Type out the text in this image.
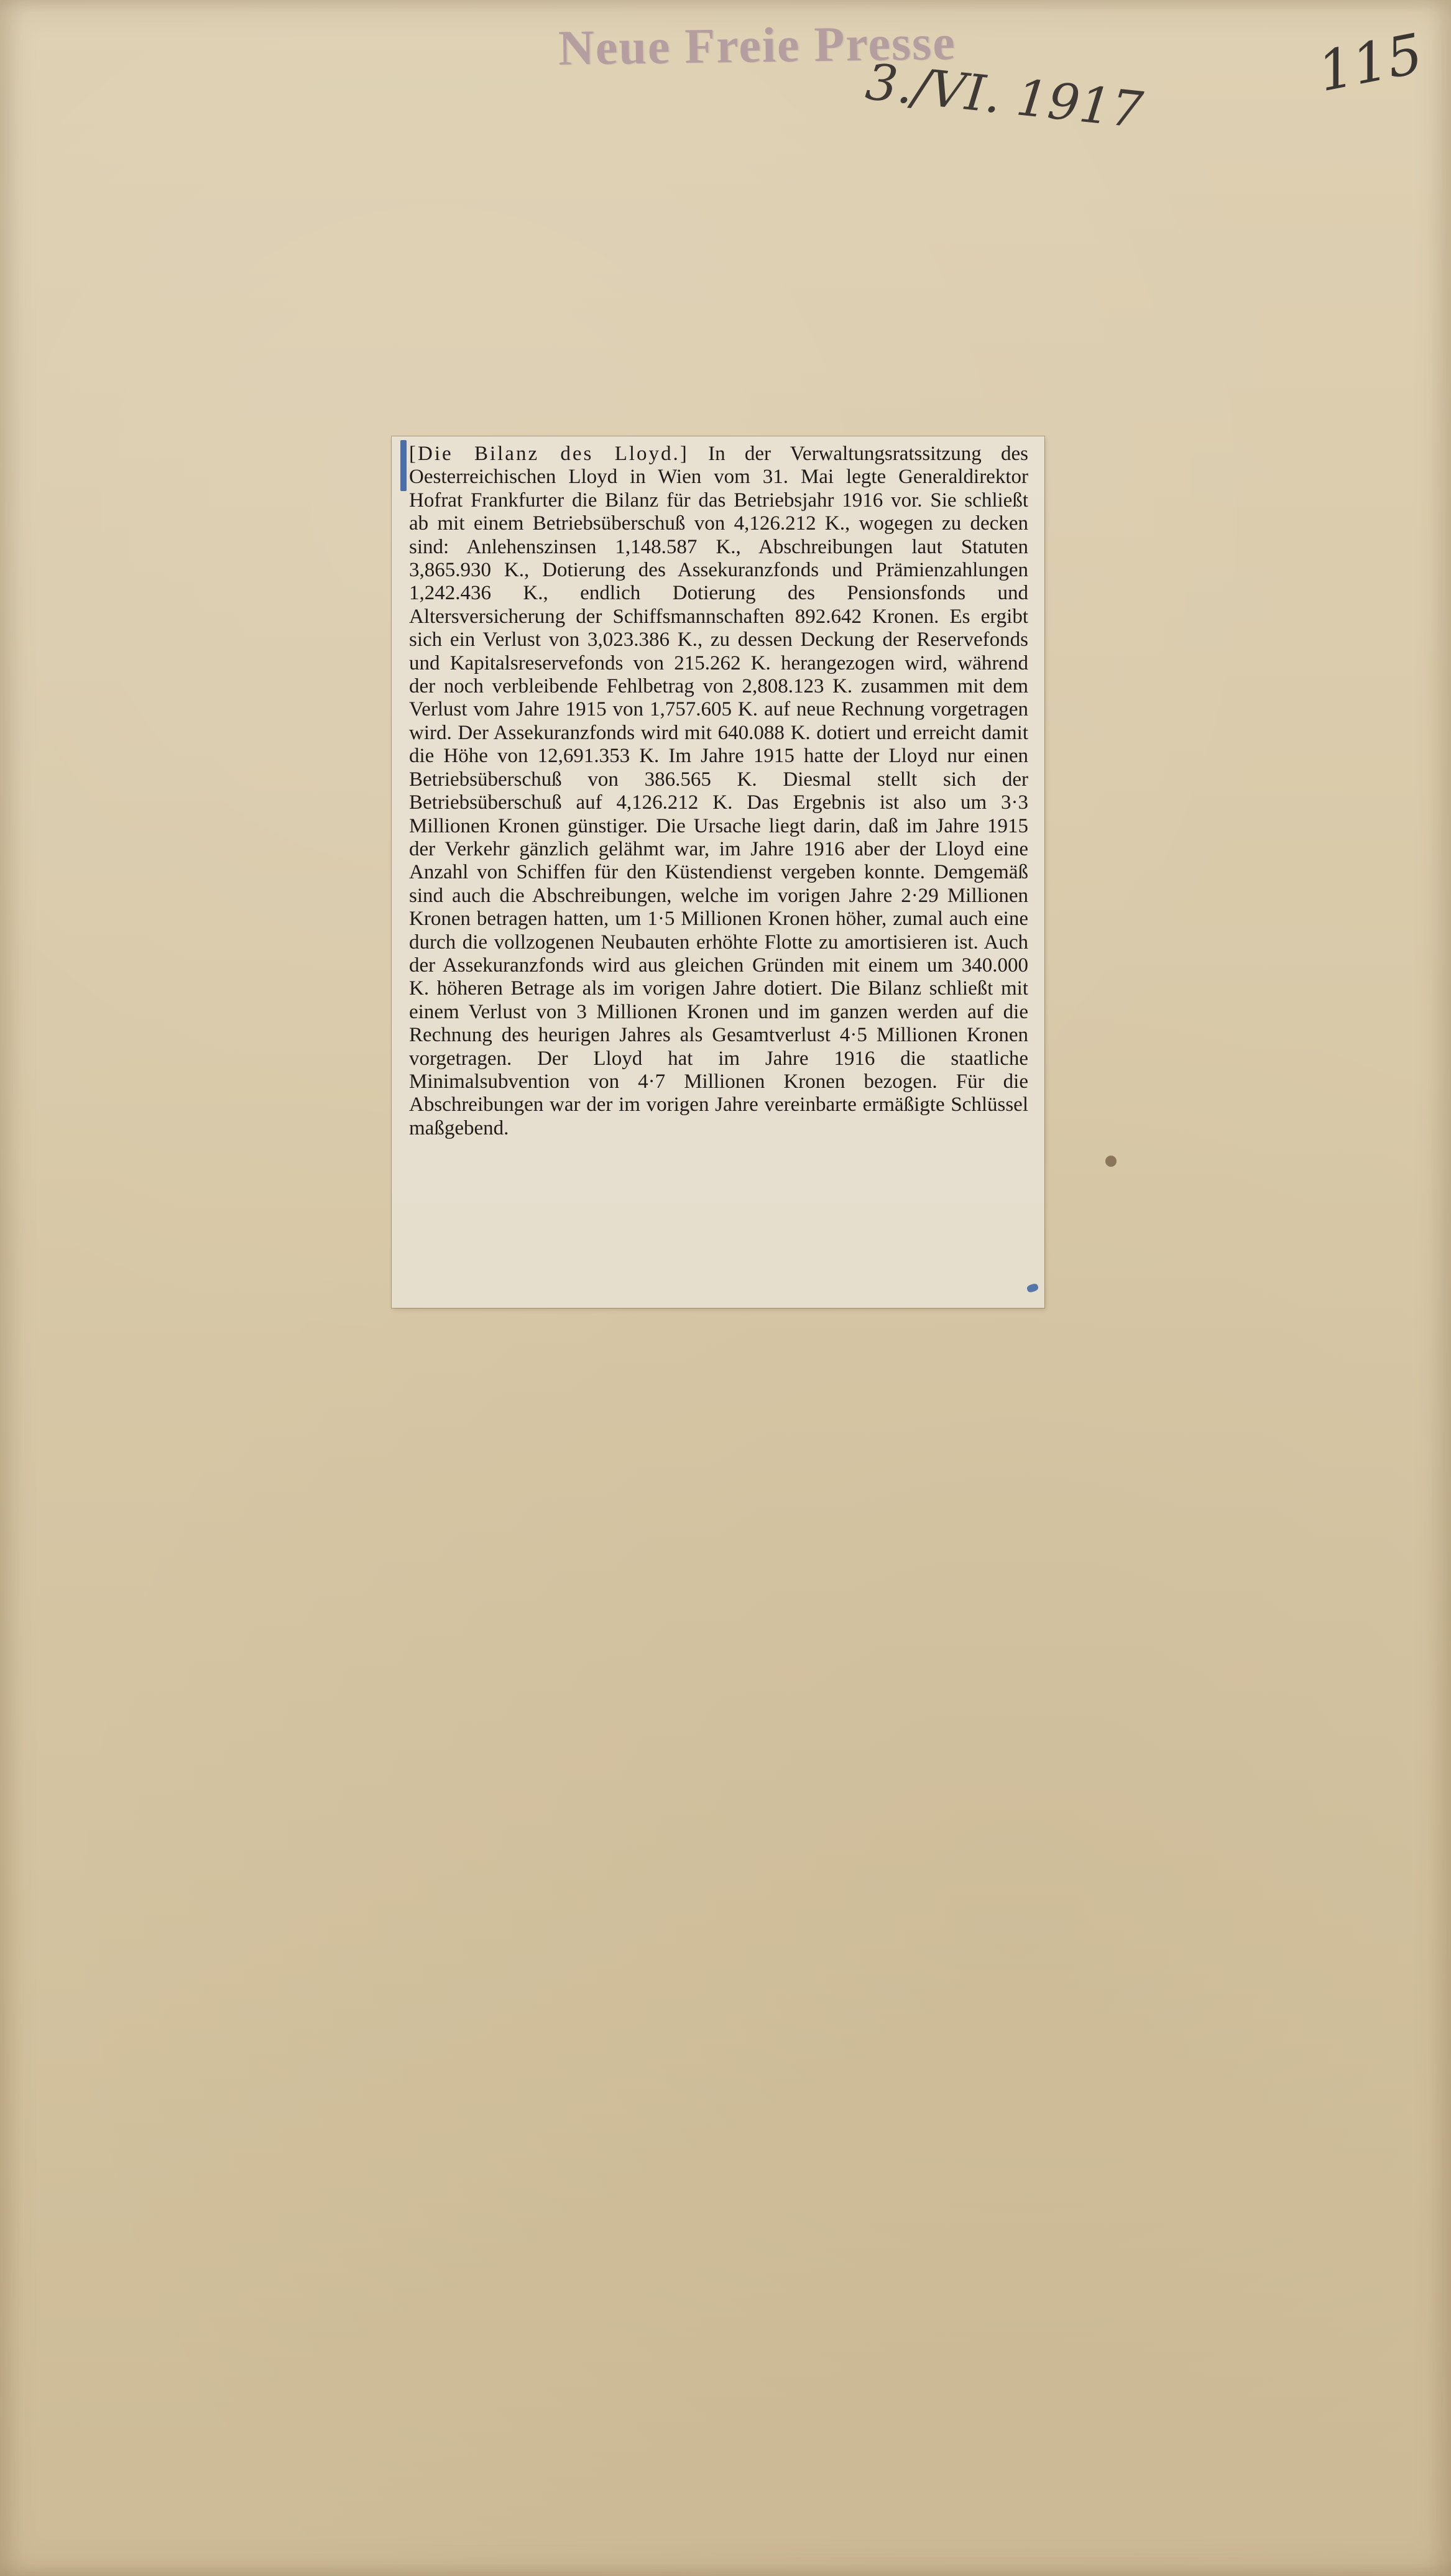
Neue Freie Presse
3./VI. 1917	115

[Die Bilanz des Lloyd.] In der Verwaltungsratssitzung des Oesterreichischen Lloyd in Wien vom 31. Mai legte Generaldirektor Hofrat Frankfurter die Bilanz für das Betriebsjahr 1916 vor. Sie schließt ab mit einem Betriebsüberschuß von 4,126.212 K., wogegen zu decken sind: Anlehenszinsen 1,148.587 K., Abschreibungen laut Statuten 3,865.930 K., Dotierung des Assekuranzfonds und Prämienzahlungen 1,242.436 K., endlich Dotierung des Pensionsfonds und Altersversicherung der Schiffsmannschaften 892.642 Kronen. Es ergibt sich ein Verlust von 3,023.386 K., zu dessen Deckung der Reservefonds und Kapitalsreservefonds von 215.262 K. herangezogen wird, während der noch verbleibende Fehlbetrag von 2,808.123 K. zusammen mit dem Verlust vom Jahre 1915 von 1,757.605 K. auf neue Rechnung vorgetragen wird. Der Assekuranzfonds wird mit 640.088 K. dotiert und erreicht damit die Höhe von 12,691.353 K. Im Jahre 1915 hatte der Lloyd nur einen Betriebsüberschuß von 386.565 K. Diesmal stellt sich der Betriebsüberschuß auf 4,126.212 K. Das Ergebnis ist also um 3·3 Millionen Kronen günstiger. Die Ursache liegt darin, daß im Jahre 1915 der Verkehr gänzlich gelähmt war, im Jahre 1916 aber der Lloyd eine Anzahl von Schiffen für den Küstendienst vergeben konnte. Demgemäß sind auch die Abschreibungen, welche im vorigen Jahre 2·29 Millionen Kronen betragen hatten, um 1·5 Millionen Kronen höher, zumal auch eine durch die vollzogenen Neubauten erhöhte Flotte zu amortisieren ist. Auch der Assekuranzfonds wird aus gleichen Gründen mit einem um 340.000 K. höheren Betrage als im vorigen Jahre dotiert. Die Bilanz schließt mit einem Verlust von 3 Millionen Kronen und im ganzen werden auf die Rechnung des heurigen Jahres als Gesamtverlust 4·5 Millionen Kronen vorgetragen. Der Lloyd hat im Jahre 1916 die staatliche Minimalsubvention von 4·7 Millionen Kronen bezogen. Für die Abschreibungen war der im vorigen Jahre vereinbarte ermäßigte Schlüssel maßgebend.
